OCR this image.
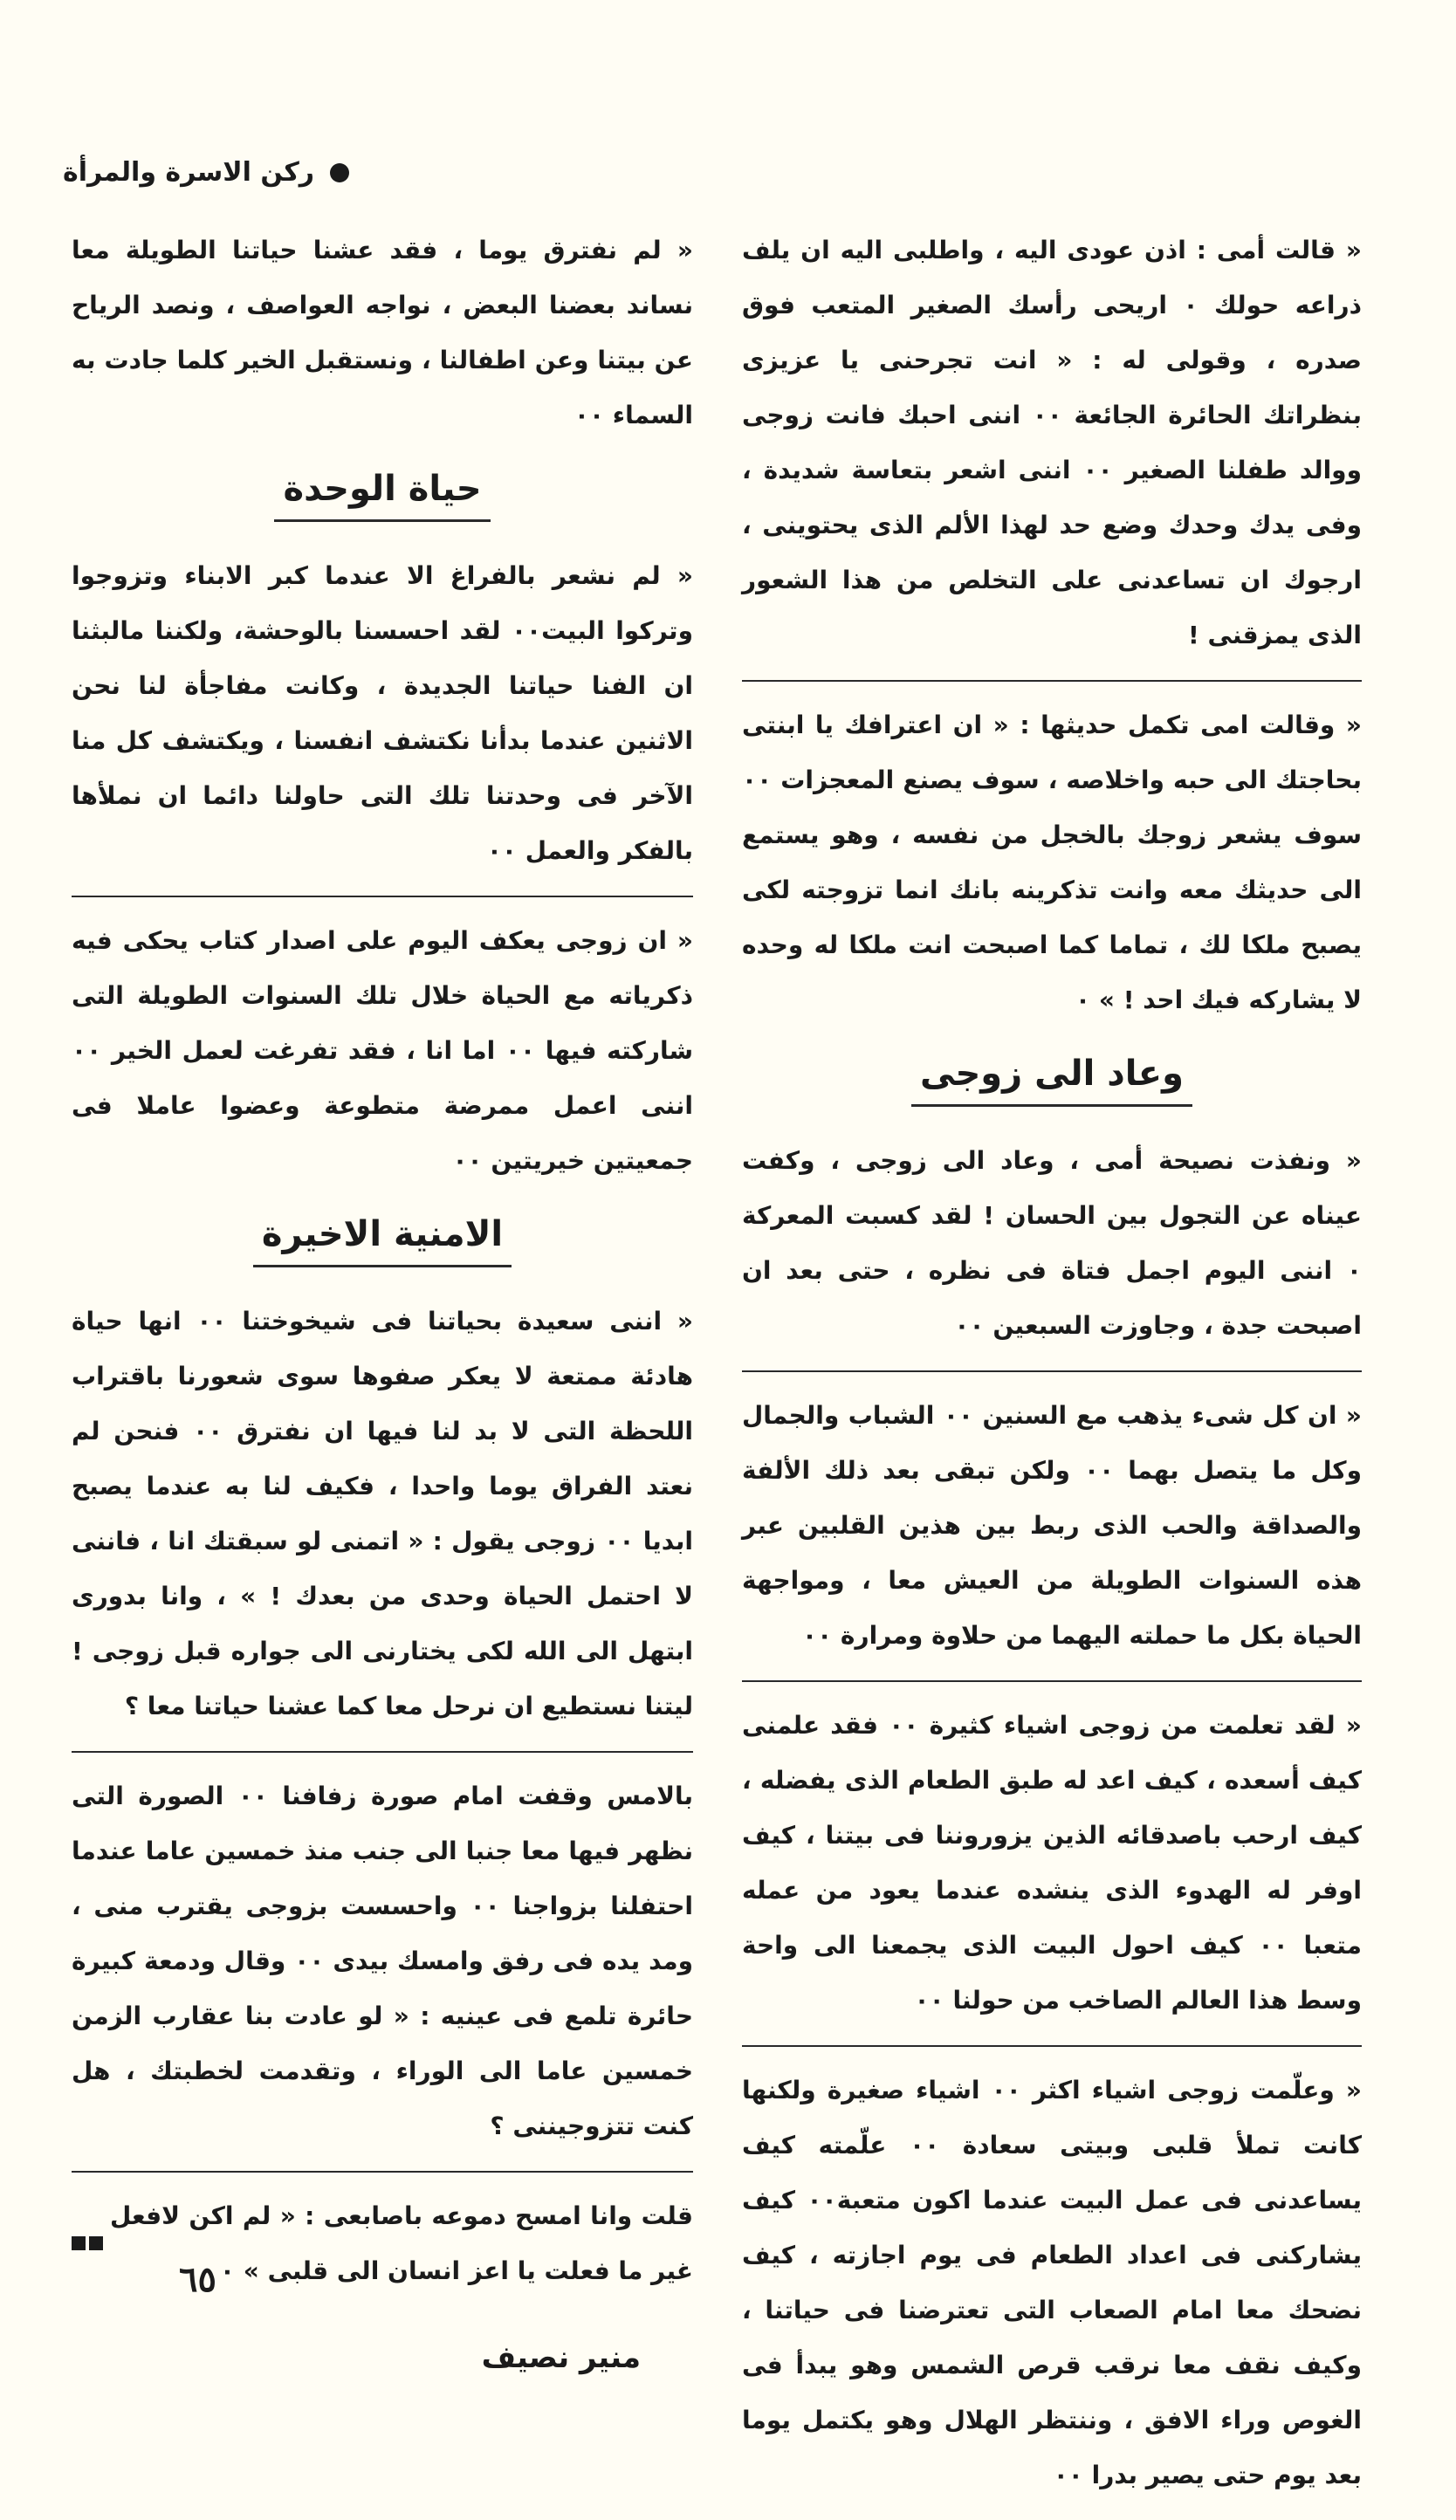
ركن الاسرة والمرأة

« قالت أمى : اذن عودى اليه ، واطلبى اليه ان يلف ذراعه حولك ٠ اريحى رأسك الصغير المتعب فوق صدره ، وقولى له : « انت تجرحنى يا عزيزى بنظراتك الحائرة الجائعة ٠٠ اننى احبك فانت زوجى ووالد طفلنا الصغير ٠٠ اننى اشعر بتعاسة شديدة ، وفى يدك وحدك وضع حد لهذا الألم الذى يحتوينى ، ارجوك ان تساعدنى على التخلص من هذا الشعور الذى يمزقنى !

« وقالت امى تكمل حديثها : « ان اعترافك يا ابنتى بحاجتك الى حبه واخلاصه ، سوف يصنع المعجزات ٠٠ سوف يشعر زوجك بالخجل من نفسه ، وهو يستمع الى حديثك معه وانت تذكرينه بانك انما تزوجته لكى يصبح ملكا لك ، تماما كما اصبحت انت ملكا له وحده لا يشاركه فيك احد ! » ٠

وعاد الى زوجى

« ونفذت نصيحة أمى ، وعاد الى زوجى ، وكفت عيناه عن التجول بين الحسان ! لقد كسبت المعركة ٠ اننى اليوم اجمل فتاة فى نظره ، حتى بعد ان اصبحت جدة ، وجاوزت السبعين ٠٠

« ان كل شىء يذهب مع السنين ٠٠ الشباب والجمال وكل ما يتصل بهما ٠٠ ولكن تبقى بعد ذلك الألفة والصداقة والحب الذى ربط بين هذين القلبين عبر هذه السنوات الطويلة من العيش معا ، ومواجهة الحياة بكل ما حملته اليهما من حلاوة ومرارة ٠٠

« لقد تعلمت من زوجى اشياء كثيرة ٠٠ فقد علمنى كيف أسعده ، كيف اعد له طبق الطعام الذى يفضله ، كيف ارحب باصدقائه الذين يزوروننا فى بيتنا ، كيف اوفر له الهدوء الذى ينشده عندما يعود من عمله متعبا ٠٠ كيف احول البيت الذى يجمعنا الى واحة وسط هذا العالم الصاخب من حولنا ٠٠

« وعلّمت زوجى اشياء اكثر ٠٠ اشياء صغيرة ولكنها كانت تملأ قلبى وبيتى سعادة ٠٠ علّمته كيف يساعدنى فى عمل البيت عندما اكون متعبة٠٠ كيف يشاركنى فى اعداد الطعام فى يوم اجازته ، كيف نضحك معا امام الصعاب التى تعترضنا فى حياتنا ، وكيف نقف معا نرقب قرص الشمس وهو يبدأ فى الغوص وراء الافق ، وننتظر الهلال وهو يكتمل يوما بعد يوم حتى يصير بدرا ٠٠

« لم نفترق يوما ، فقد عشنا حياتنا الطويلة معا نساند بعضنا البعض ، نواجه العواصف ، ونصد الرياح عن بيتنا وعن اطفالنا ، ونستقبل الخير كلما جادت به السماء ٠٠

حياة الوحدة

« لم نشعر بالفراغ الا عندما كبر الابناء وتزوجوا وتركوا البيت٠٠ لقد احسسنا بالوحشة، ولكننا مالبثنا ان الفنا حياتنا الجديدة ، وكانت مفاجأة لنا نحن الاثنين عندما بدأنا نكتشف انفسنا ، ويكتشف كل منا الآخر فى وحدتنا تلك التى حاولنا دائما ان نملأها بالفكر والعمل ٠٠

« ان زوجى يعكف اليوم على اصدار كتاب يحكى فيه ذكرياته مع الحياة خلال تلك السنوات الطويلة التى شاركته فيها ٠٠ اما انا ، فقد تفرغت لعمل الخير ٠٠ اننى اعمل ممرضة متطوعة وعضوا عاملا فى جمعيتين خيريتين ٠٠

الامنية الاخيرة

« اننى سعيدة بحياتنا فى شيخوختنا ٠٠ انها حياة هادئة ممتعة لا يعكر صفوها سوى شعورنا باقتراب اللحظة التى لا بد لنا فيها ان نفترق ٠٠ فنحن لم نعتد الفراق يوما واحدا ، فكيف لنا به عندما يصبح ابديا ٠٠ زوجى يقول : « اتمنى لو سبقتك انا ، فاننى لا احتمل الحياة وحدى من بعدك ! » ، وانا بدورى ابتهل الى الله لكى يختارنى الى جواره قبل زوجى ! ليتنا نستطيع ان نرحل معا كما عشنا حياتنا معا ؟

بالامس وقفت امام صورة زفافنا ٠٠ الصورة التى نظهر فيها معا جنبا الى جنب منذ خمسين عاما عندما احتفلنا بزواجنا ٠٠ واحسست بزوجى يقترب منى ، ومد يده فى رفق وامسك بيدى ٠٠ وقال ودمعة كبيرة حائرة تلمع فى عينيه : « لو عادت بنا عقارب الزمن خمسين عاما الى الوراء ، وتقدمت لخطبتك ، هل كنت تتزوجيننى ؟

قلت وانا امسح دموعه باصابعى : « لم اكن لافعل غير ما فعلت يا اعز انسان الى قلبى » ٠

منير نصيف
٦٥
